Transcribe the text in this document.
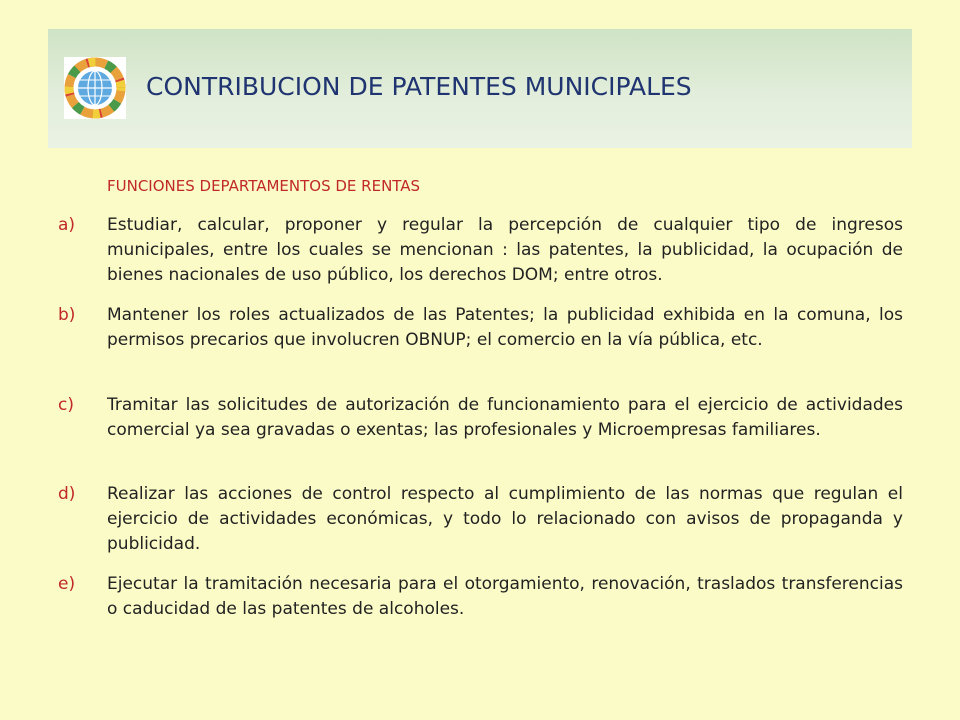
CONTRIBUCION DE PATENTES MUNICIPALES
FUNCIONES DEPARTAMENTOS DE RENTAS
a) Estudiar, calcular, proponer y regular la percepción de cualquier tipo de ingresos municipales, entre los cuales se mencionan : las patentes, la publicidad, la ocupación de bienes nacionales de uso público, los derechos DOM; entre otros.
b) Mantener los roles actualizados de las Patentes; la publicidad exhibida en la comuna, los permisos precarios que involucren OBNUP; el comercio en la vía pública, etc.
c) Tramitar las solicitudes de autorización de funcionamiento para el ejercicio de actividades comercial ya sea gravadas o exentas; las profesionales y Microempresas familiares.
d) Realizar las acciones de control respecto al cumplimiento de las normas que regulan el ejercicio de actividades económicas, y todo lo relacionado con avisos de propaganda y publicidad.
e) Ejecutar la tramitación necesaria para el otorgamiento, renovación, traslados transferencias o caducidad de las patentes de alcoholes.
